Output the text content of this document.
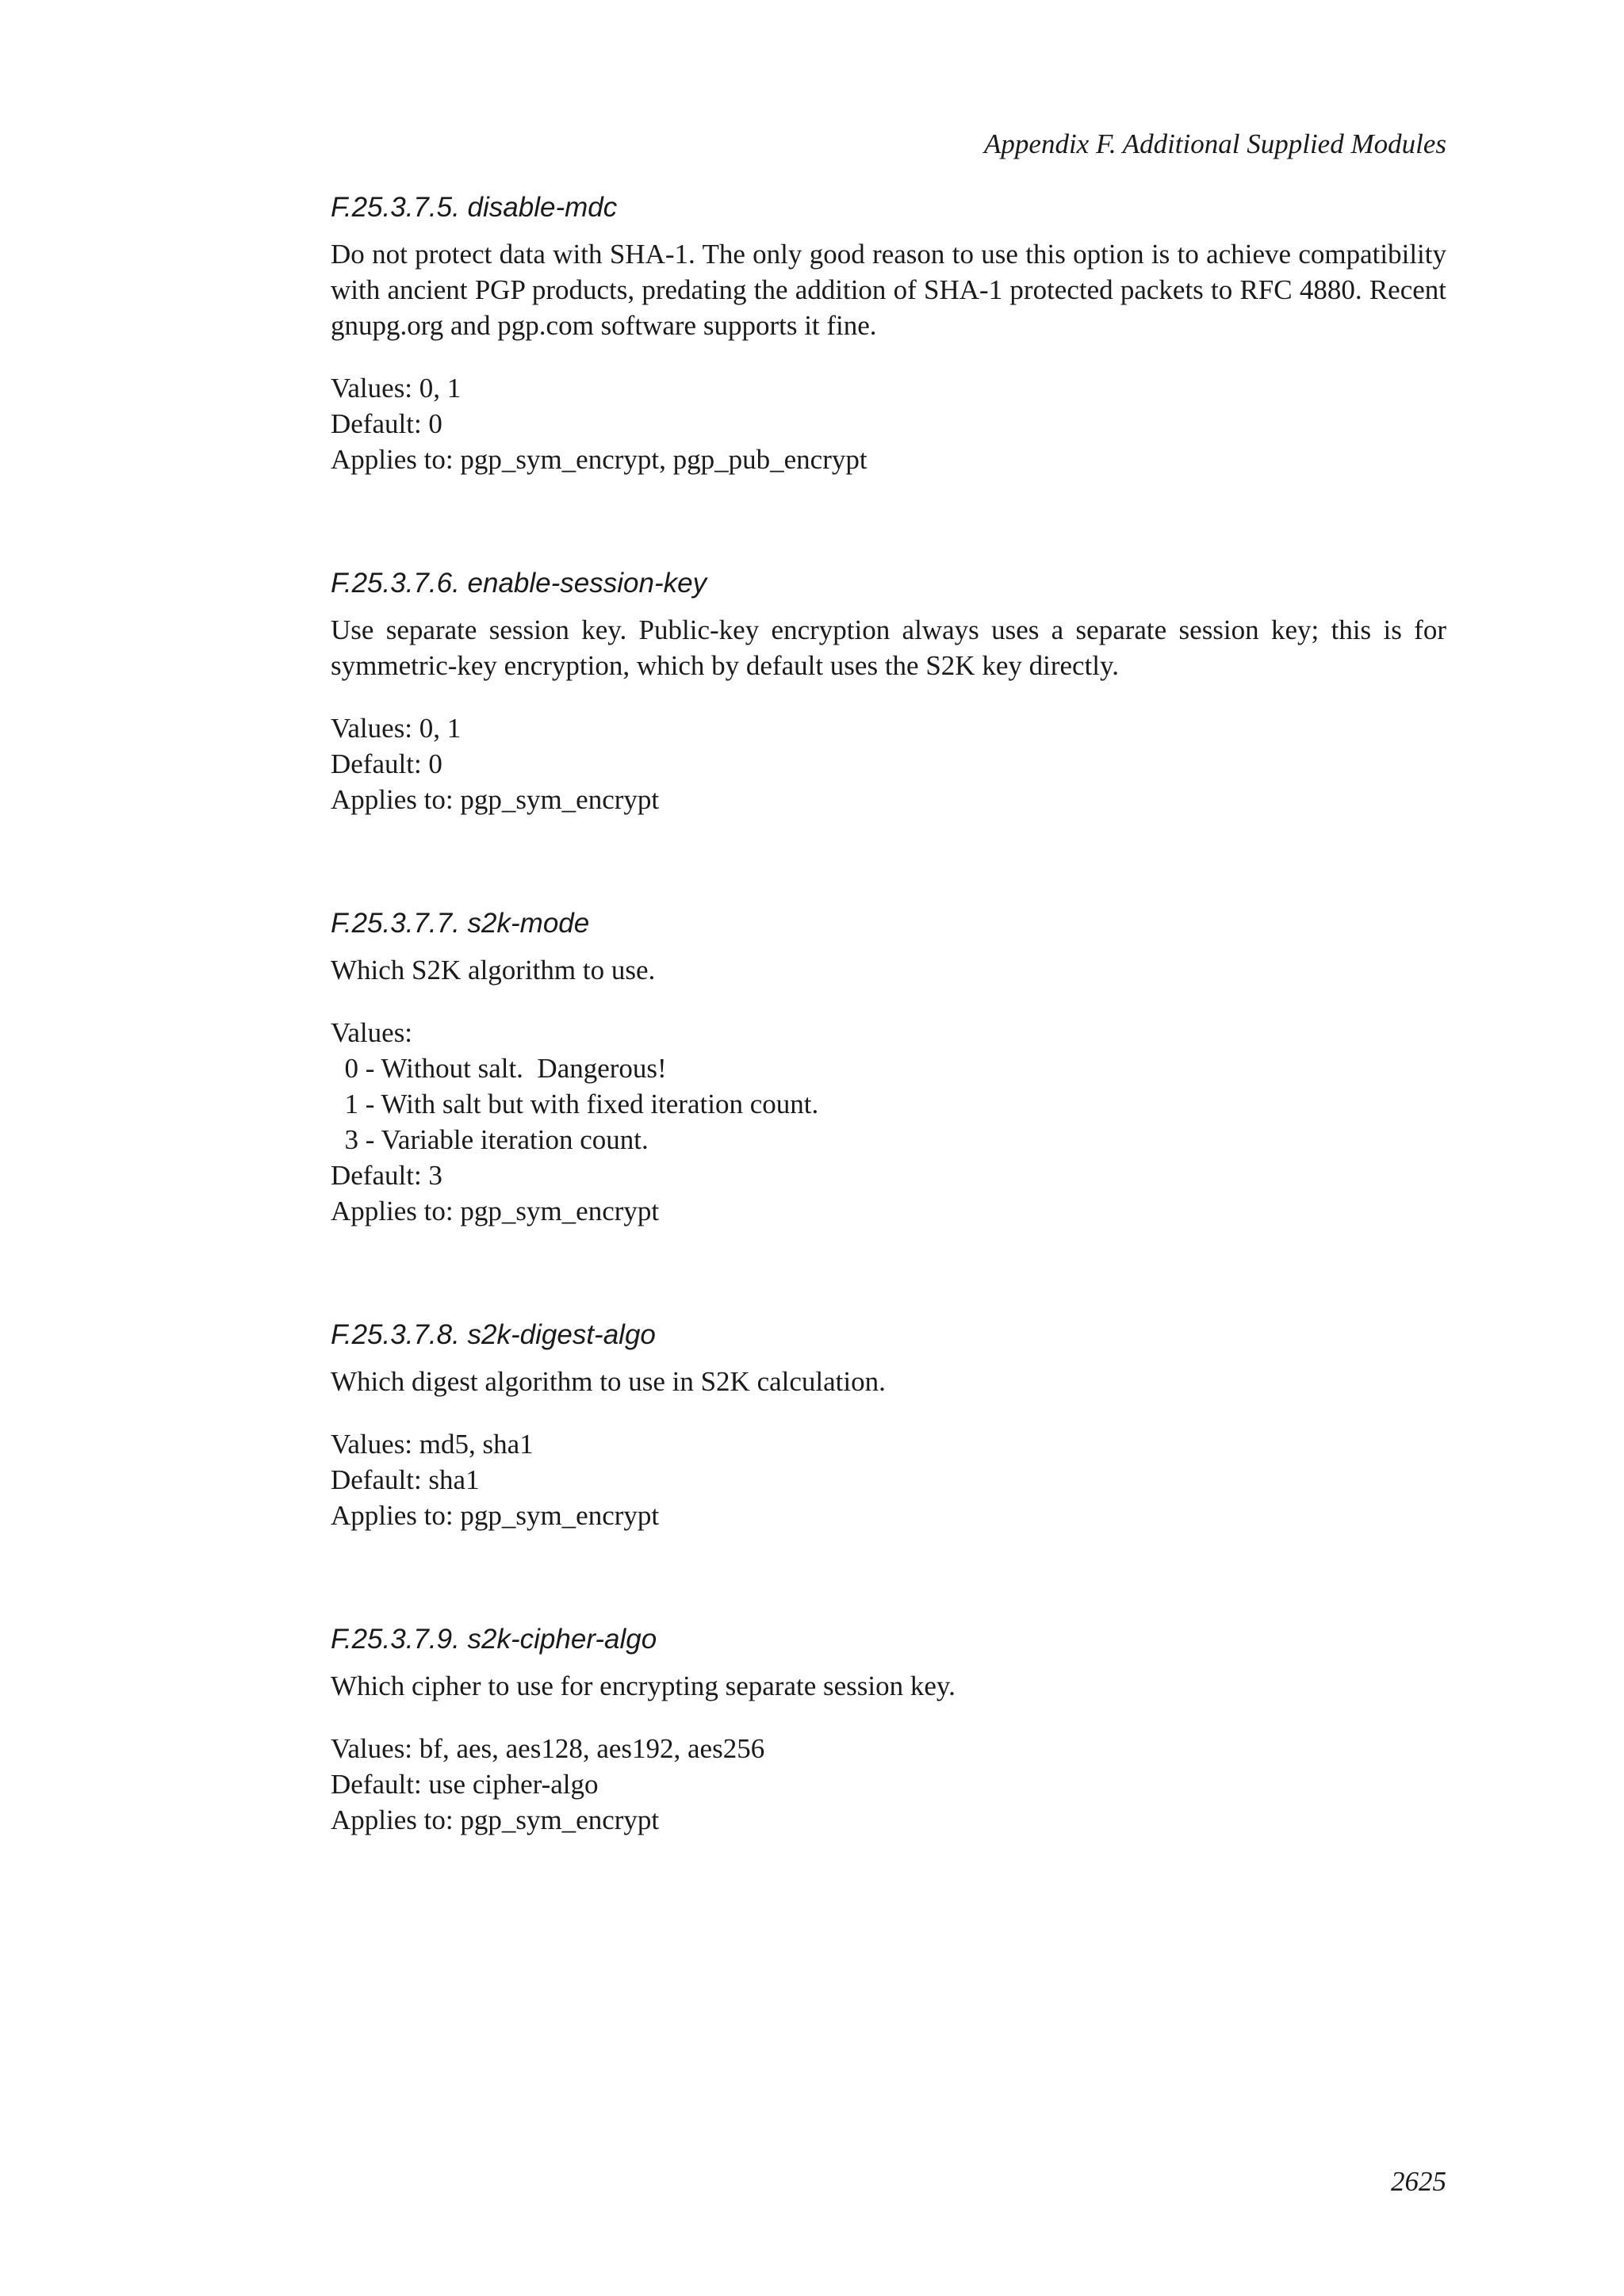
Appendix F. Additional Supplied Modules
F.25.3.7.5. disable-mdc

Do not protect data with SHA-1. The only good reason to use this option is to achieve compatibility with ancient PGP products, predating the addition of SHA-1 protected packets to RFC 4880. Recent gnupg.org and pgp.com software supports it fine.

Values: 0, 1

Default: 0

Applies to: pgp_sym_encrypt, pgp_pub_encrypt

F.25.3.7.6. enable-session-key

Use separate session key. Public-key encryption always uses a separate session key; this is for symmetric-key encryption, which by default uses the S2K key directly.

Values: 0, 1

Default: 0

Applies to: pgp_sym_encrypt

F.25.3.7.7. s2k-mode

Which S2K algorithm to use.

Values:

0 - Without salt.  Dangerous!

1 - With salt but with fixed iteration count.

3 - Variable iteration count.

Default: 3

Applies to: pgp_sym_encrypt

F.25.3.7.8. s2k-digest-algo

Which digest algorithm to use in S2K calculation.

Values: md5, sha1

Default: sha1

Applies to: pgp_sym_encrypt

F.25.3.7.9. s2k-cipher-algo

Which cipher to use for encrypting separate session key.

Values: bf, aes, aes128, aes192, aes256

Default: use cipher-algo

Applies to: pgp_sym_encrypt

2625
